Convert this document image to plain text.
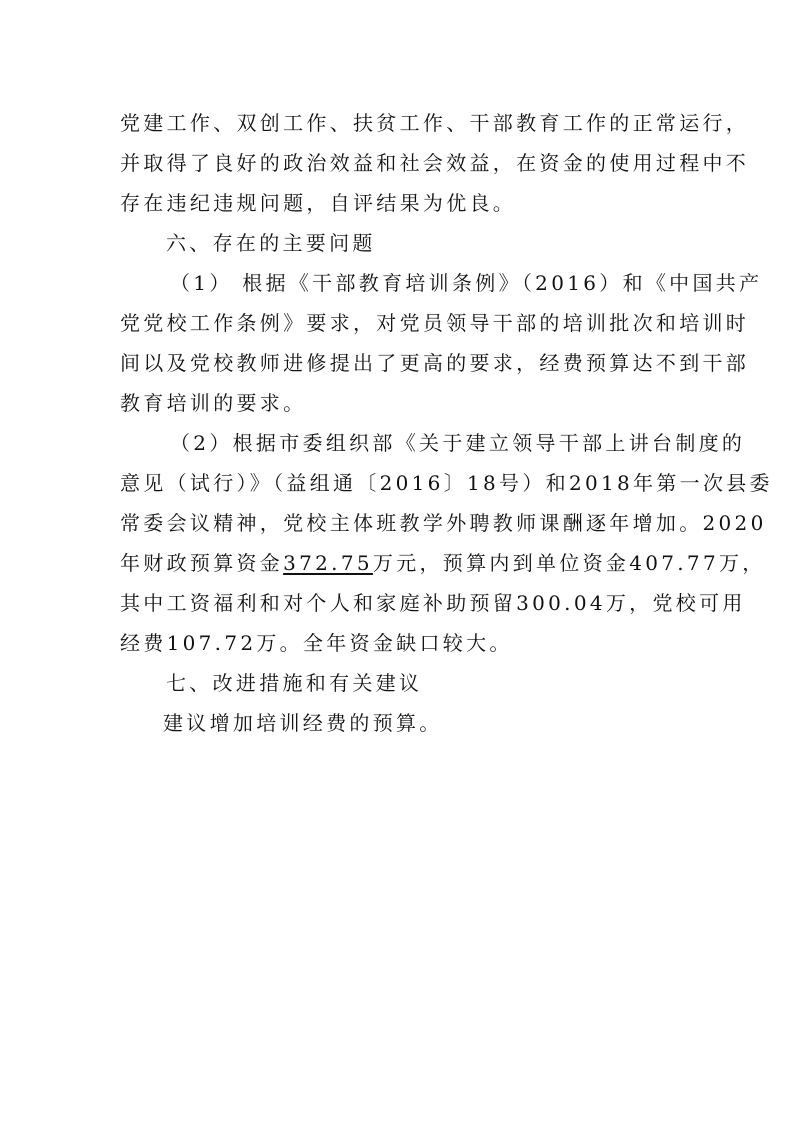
党建工作、双创工作、扶贫工作、干部教育工作的正常运行，
并取得了良好的政治效益和社会效益，在资金的使用过程中不
存在违纪违规问题，自评结果为优良。
六、存在的主要问题
（1） 根据《干部教育培训条例》（2016）和《中国共产
党党校工作条例》要求，对党员领导干部的培训批次和培训时
间以及党校教师进修提出了更高的要求，经费预算达不到干部
教育培训的要求。
（2）根据市委组织部《关于建立领导干部上讲台制度的
意见（试行）》（益组通〔2016〕18号）和2018年第一次县委
常委会议精神，党校主体班教学外聘教师课酬逐年增加。2020
年财政预算资金372.75万元，预算内到单位资金407.77万，
其中工资福利和对个人和家庭补助预留300.04万，党校可用
经费107.72万。全年资金缺口较大。
七、改进措施和有关建议
建议增加培训经费的预算。
